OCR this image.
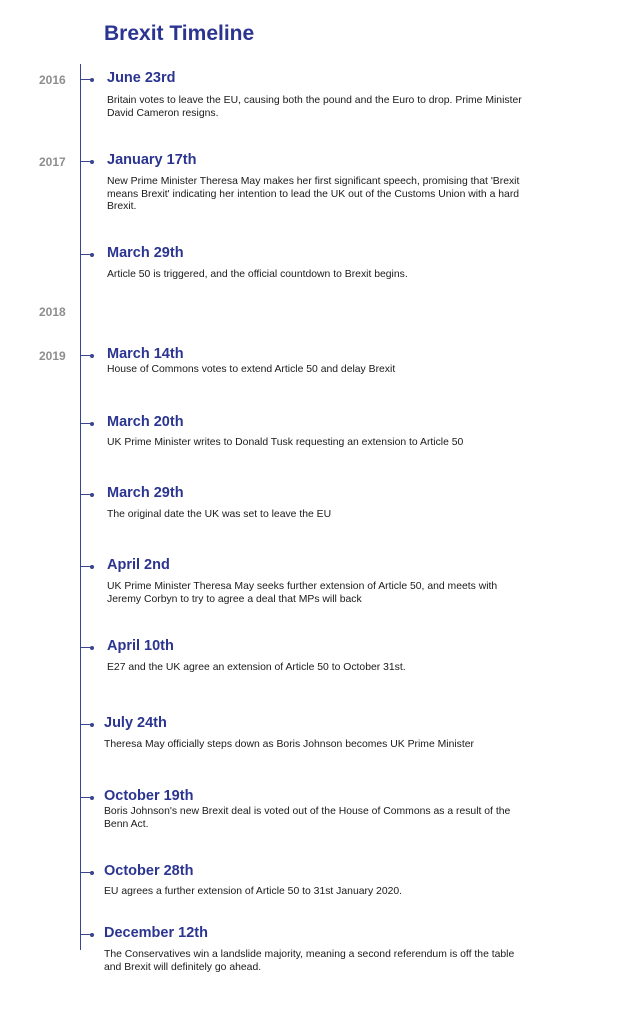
Brexit Timeline
2016
2017
2018
2019
June 23rd
Britain votes to leave the EU, causing both the pound and the Euro to drop. Prime Minister David Cameron resigns.
January 17th
New Prime Minister Theresa May makes her first significant speech, promising that 'Brexit means Brexit' indicating her intention to lead the UK out of the Customs Union with a hard Brexit.
March 29th
Article 50 is triggered, and the official countdown to Brexit begins.
March 14th
House of Commons votes to extend Article 50 and delay Brexit
March 20th
UK Prime Minister writes to Donald Tusk requesting an extension to Article 50
March 29th
The original date the UK was set to leave the EU
April 2nd
UK Prime Minister Theresa May seeks further extension of Article 50, and meets with Jeremy Corbyn to try to agree a deal that MPs will back
April 10th
E27 and the UK agree an extension of Article 50 to October 31st.
July 24th
Theresa May officially steps down as Boris Johnson becomes UK Prime Minister
October 19th
Boris Johnson's new Brexit deal is voted out of the House of Commons as a result of the Benn Act.
October 28th
EU agrees a further extension of Article 50 to 31st January 2020.
December 12th
The Conservatives win a landslide majority, meaning a second referendum is off the table and Brexit will definitely go ahead.
